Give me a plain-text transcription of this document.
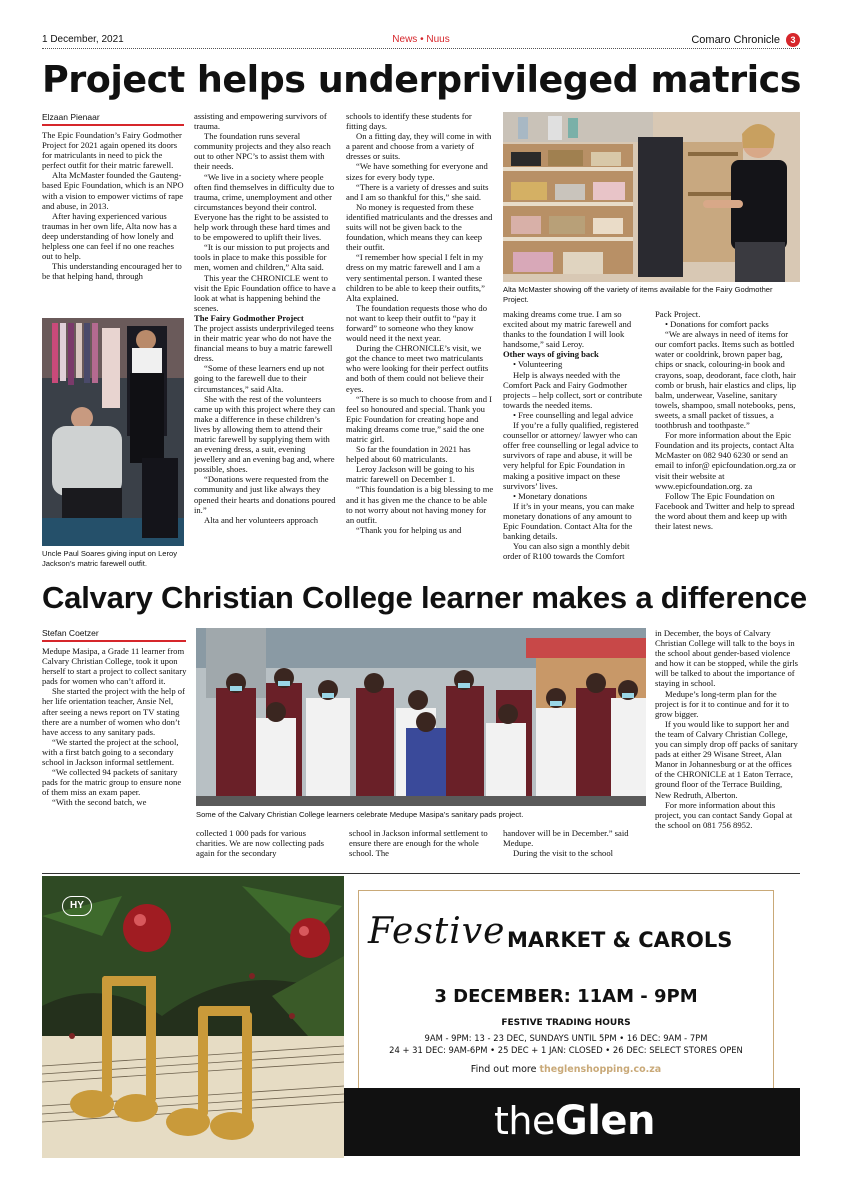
1 December, 2021	News • Nuus	Comaro Chronicle	3
Project helps underprivileged matrics
Elzaan Pienaar

The Epic Foundation’s Fairy Godmother Project for 2021 again opened its doors for matriculants in need to pick the perfect outfit for their matric farewell.

Alta McMaster founded the Gauteng-based Epic Foundation, which is an NPO with a vision to empower victims of rape and abuse, in 2013.

After having experienced various traumas in her own life, Alta now has a deep understanding of how lonely and helpless one can feel if no one reaches out to help.

This understanding encouraged her to be that helping hand, through

Uncle Paul Soares giving input on Leroy Jackson’s matric farewell outfit.

assisting and empowering survivors of trauma.

The foundation runs several community projects and they also reach out to other NPC’s to assist them with their needs.

“We live in a society where people often find themselves in difficulty due to trauma, crime, unemployment and other circumstances beyond their control. Everyone has the right to be assisted to help work through these hard times and to be empowered to uplift their lives.

“It is our mission to put projects and tools in place to make this possible for men, women and children,” Alta said.

This year the CHRONICLE went to visit the Epic Foundation office to have a look at what is happening behind the scenes.

The Fairy Godmother Project

The project assists underprivileged teens in their matric year who do not have the financial means to buy a matric farewell dress.

“Some of these learners end up not going to the farewell due to their circumstances,” said Alta.

She with the rest of the volunteers came up with this project where they can make a difference in these children’s lives by allowing them to attend their matric farewell by supplying them with an evening dress, a suit, evening jewellery and an evening bag and, where possible, shoes.

“Donations were requested from the community and just like always they opened their hearts and donations poured in.”

Alta and her volunteers approach

schools to identify these students for fitting days.

On a fitting day, they will come in with a parent and choose from a variety of dresses or suits.

“We have something for everyone and sizes for every body type.

“There is a variety of dresses and suits and I am so thankful for this,” she said.

No money is requested from these identified matriculants and the dresses and suits will not be given back to the foundation, which means they can keep their outfit.

“I remember how special I felt in my dress on my matric farewell and I am a very sentimental person. I wanted these children to be able to keep their outfits,” Alta explained.

The foundation requests those who do not want to keep their outfit to “pay it forward” to someone who they know would need it the next year.

During the CHRONICLE’s visit, we got the chance to meet two matriculants who were looking for their perfect outfits and both of them could not believe their eyes.

“There is so much to choose from and I feel so honoured and special. Thank you Epic Foundation for creating hope and making dreams come true,” said the one matric girl.

So far the foundation in 2021 has helped about 60 matriculants.

Leroy Jackson will be going to his matric farewell on December 1.

“This foundation is a big blessing to me and it has given me the chance to be able to not worry about not having money for an outfit.

“Thank you for helping us and

Alta McMaster showing off the variety of items available for the Fairy Godmother Project.

making dreams come true. I am so excited about my matric farewell and thanks to the foundation I will look handsome,” said Leroy.

Other ways of giving back

• Volunteering

Help is always needed with the Comfort Pack and Fairy Godmother projects – help collect, sort or contribute towards the needed items.

• Free counselling and legal advice

If you’re a fully qualified, registered counsellor or attorney/ lawyer who can offer free counselling or legal advice to survivors of rape and abuse, it will be very helpful for Epic Foundation in making a positive impact on these survivors’ lives.

• Monetary donations

If it’s in your means, you can make monetary donations of any amount to Epic Foundation. Contact Alta for the banking details.

You can also sign a monthly debit order of R100 towards the Comfort

Pack Project.

• Donations for comfort packs

“We are always in need of items for our comfort packs. Items such as bottled water or cooldrink, brown paper bag, chips or snack, colouring-in book and crayons, soap, deodorant, face cloth, hair comb or brush, hair elastics and clips, lip balm, underwear, Vaseline, sanitary towels, shampoo, small notebooks, pens, sweets, a small packet of tissues, a toothbrush and toothpaste.”

For more information about the Epic Foundation and its projects, contact Alta McMaster on 082 940 6230 or send an email to infor@ epicfoundation.org.za or visit their website at www.epicfoundation.org. za

Follow The Epic Foundation on Facebook and Twitter and help to spread the word about them and keep up with their latest news.

Calvary Christian College learner makes a difference
Stefan Coetzer

Medupe Masipa, a Grade 11 learner from Calvary Christian College, took it upon herself to start a project to collect sanitary pads for women who can’t afford it.

She started the project with the help of her life orientation teacher, Ansie Nel, after seeing a news report on TV stating there are a number of women who don’t have access to any sanitary pads.

“We started the project at the school, with a first batch going to a secondary school in Jackson informal settlement.

“We collected 94 packets of sanitary pads for the matric group to ensure none of them miss an exam paper.

“With the second batch, we

Some of the Calvary Christian College learners celebrate Medupe Masipa’s sanitary pads project.

collected 1 000 pads for various charities. We are now collecting pads again for the secondary

school in Jackson informal settlement to ensure there are enough for the whole school. The

handover will be in December.” said Medupe.

During the visit to the school

in December, the boys of Calvary Christian College will talk to the boys in the school about gender-based violence and how it can be stopped, while the girls will be talked to about the importance of staying in school.

Medupe’s long-term plan for the project is for it to continue and for it to grow bigger.

If you would like to support her and the team of Calvary Christian College, you can simply drop off packs of sanitary pads at either 29 Wisane Street, Alan Manor in Johannesburg or at the offices of the CHRONICLE at 1 Eaton Terrace, ground floor of the Terrace Building, New Redruth, Alberton.

For more information about this project, you can contact Sandy Gopal at the school on 081 756 8952.

HY
Festive MARKET & CAROLS
3 DECEMBER: 11AM - 9PM
FESTIVE TRADING HOURS
9AM - 9PM: 13 - 23 DEC, SUNDAYS UNTIL 5PM • 16 DEC: 9AM - 7PM
24 + 31 DEC: 9AM-6PM • 25 DEC + 1 JAN: CLOSED • 26 DEC: SELECT STORES OPEN
Find out more theglenshopping.co.za
theGlen
